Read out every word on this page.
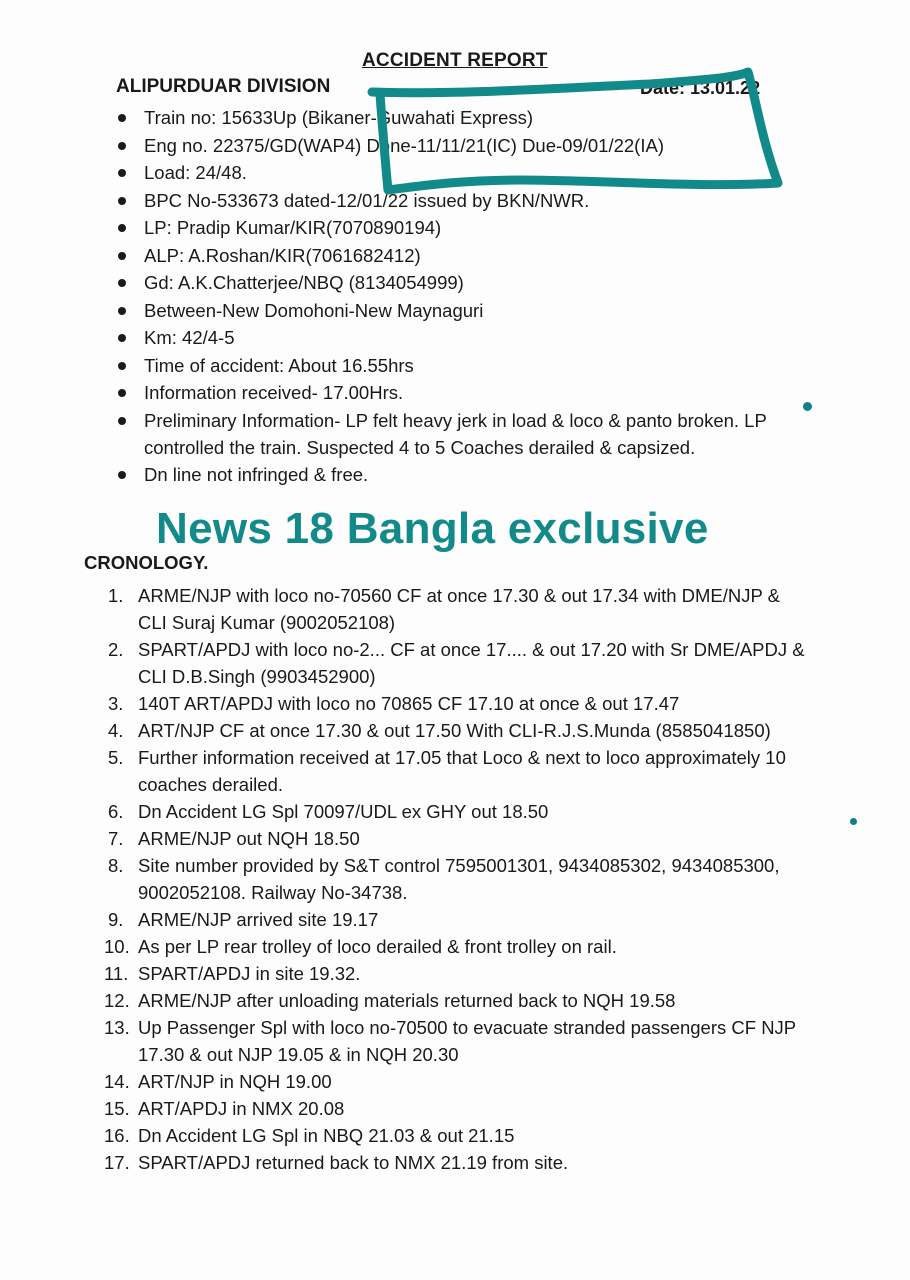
ACCIDENT REPORT
ALIPURDUAR DIVISION	Date: 13.01.22
Train no: 15633Up (Bikaner-Guwahati Express)
Eng no. 22375/GD(WAP4) Done-11/11/21(IC) Due-09/01/22(IA)
Load: 24/48.
BPC No-533673 dated-12/01/22 issued by BKN/NWR.
LP: Pradip Kumar/KIR(7070890194)
ALP: A.Roshan/KIR(7061682412)
Gd: A.K.Chatterjee/NBQ (8134054999)
Between-New Domohoni-New Maynaguri
Km: 42/4-5
Time of accident: About 16.55hrs
Information received- 17.00Hrs.
Preliminary Information- LP felt heavy jerk in load & loco & panto broken. LP controlled the train. Suspected 4 to 5 Coaches derailed & capsized.
Dn line not infringed & free.
CRONOLOGY.
1. ARME/NJP with loco no-70560 CF at once 17.30 & out 17.34 with DME/NJP & CLI Suraj Kumar (9002052108)
2. SPART/APDJ with loco no-2... CF at once 17.... & out 17.20 with Sr DME/APDJ & CLI D.B.Singh (9903452900)
3. 140T ART/APDJ with loco no 70865 CF 17.10 at once & out 17.47
4. ART/NJP CF at once 17.30 & out 17.50 With CLI-R.J.S.Munda (8585041850)
5. Further information received at 17.05 that Loco & next to loco approximately 10 coaches derailed.
6. Dn Accident LG Spl 70097/UDL ex GHY out 18.50
7. ARME/NJP out NQH 18.50
8. Site number provided by S&T control 7595001301, 9434085302, 9434085300, 9002052108. Railway No-34738.
9. ARME/NJP arrived site 19.17
10. As per LP rear trolley of loco derailed & front trolley on rail.
11. SPART/APDJ in site 19.32.
12. ARME/NJP after unloading materials returned back to NQH 19.58
13. Up Passenger Spl with loco no-70500 to evacuate stranded passengers CF NJP 17.30 & out NJP 19.05 & in NQH 20.30
14. ART/NJP in NQH 19.00
15. ART/APDJ in NMX 20.08
16. Dn Accident LG Spl in NBQ 21.03 & out 21.15
17. SPART/APDJ returned back to NMX 21.19 from site.
News 18 Bangla exclusive
